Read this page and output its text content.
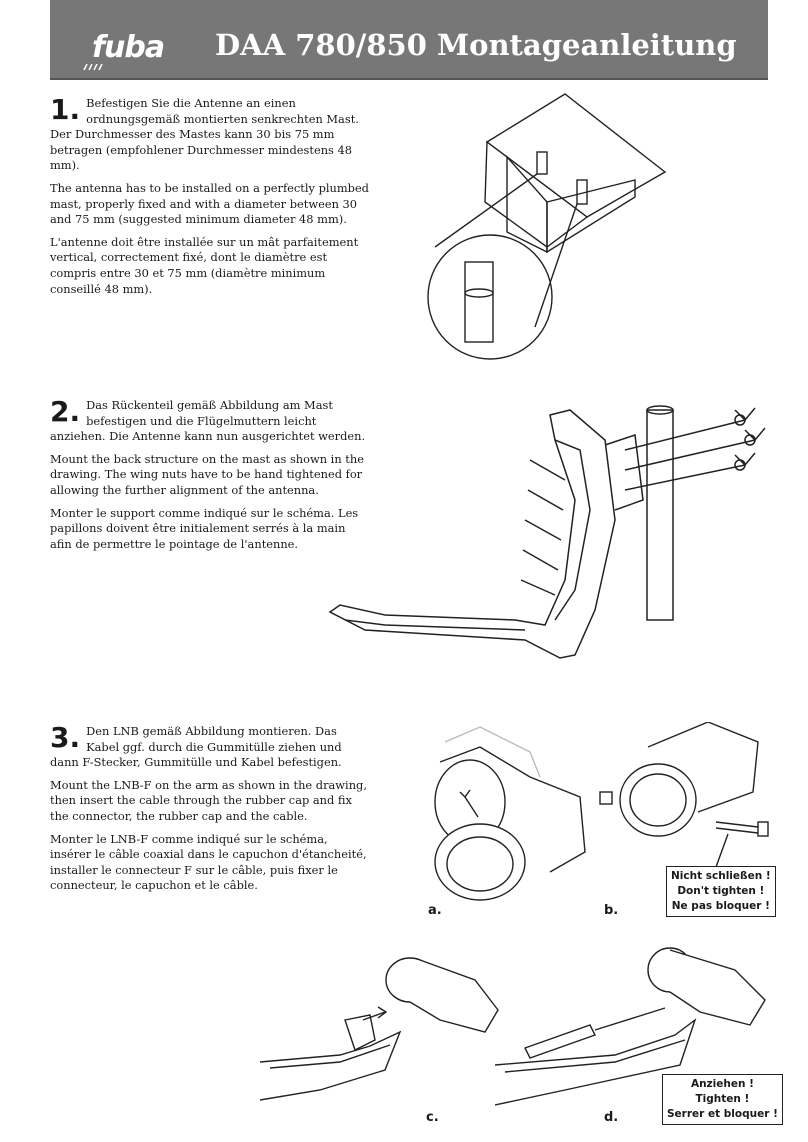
fuba DAA 780/850 Montageanleitung

1. Befestigen Sie die Antenne an einen ordnungsgemäß montierten senkrechten Mast. Der Durchmesser des Mastes kann 30 bis 75 mm betragen (empfohlener Durchmesser mindestens 48 mm).

The antenna has to be installed on a perfectly plumbed mast, properly fixed and with a diameter between 30 and 75 mm (suggested minimum diameter 48 mm).

L'antenne doit être installée sur un mât parfaitement vertical, correctement fixé, dont le diamètre est compris entre 30 et 75 mm (diamètre minimum conseillé 48 mm).

2. Das Rückenteil gemäß Abbildung am Mast befestigen und die Flügelmuttern leicht anziehen. Die Antenne kann nun ausgerichtet werden.

Mount the back structure on the mast as shown in the drawing. The wing nuts have to be hand tightened for allowing the further alignment of the antenna.

Monter le support comme indiqué sur le schéma. Les papillons doivent être initialement serrés à la main afin de permettre le pointage de l'antenne.

3. Den LNB gemäß Abbildung montieren. Das Kabel ggf. durch die Gummitülle ziehen und dann F-Stecker, Gummitülle und Kabel befestigen.

Mount the LNB-F on the arm as shown in the drawing, then insert the cable through the rubber cap and fix the connector, the rubber cap and the cable.

Monter le LNB-F comme indiqué sur le schéma, insérer le câble coaxial dans le capuchon d'étancheité, installer le connecteur F sur le câble, puis fixer le connecteur, le capuchon et le câble.

a.
Nicht schließen !
Don't tighten !
Ne pas bloquer !
b.
c.
Anziehen !
Tighten !
Serrer et bloquer !
d.
